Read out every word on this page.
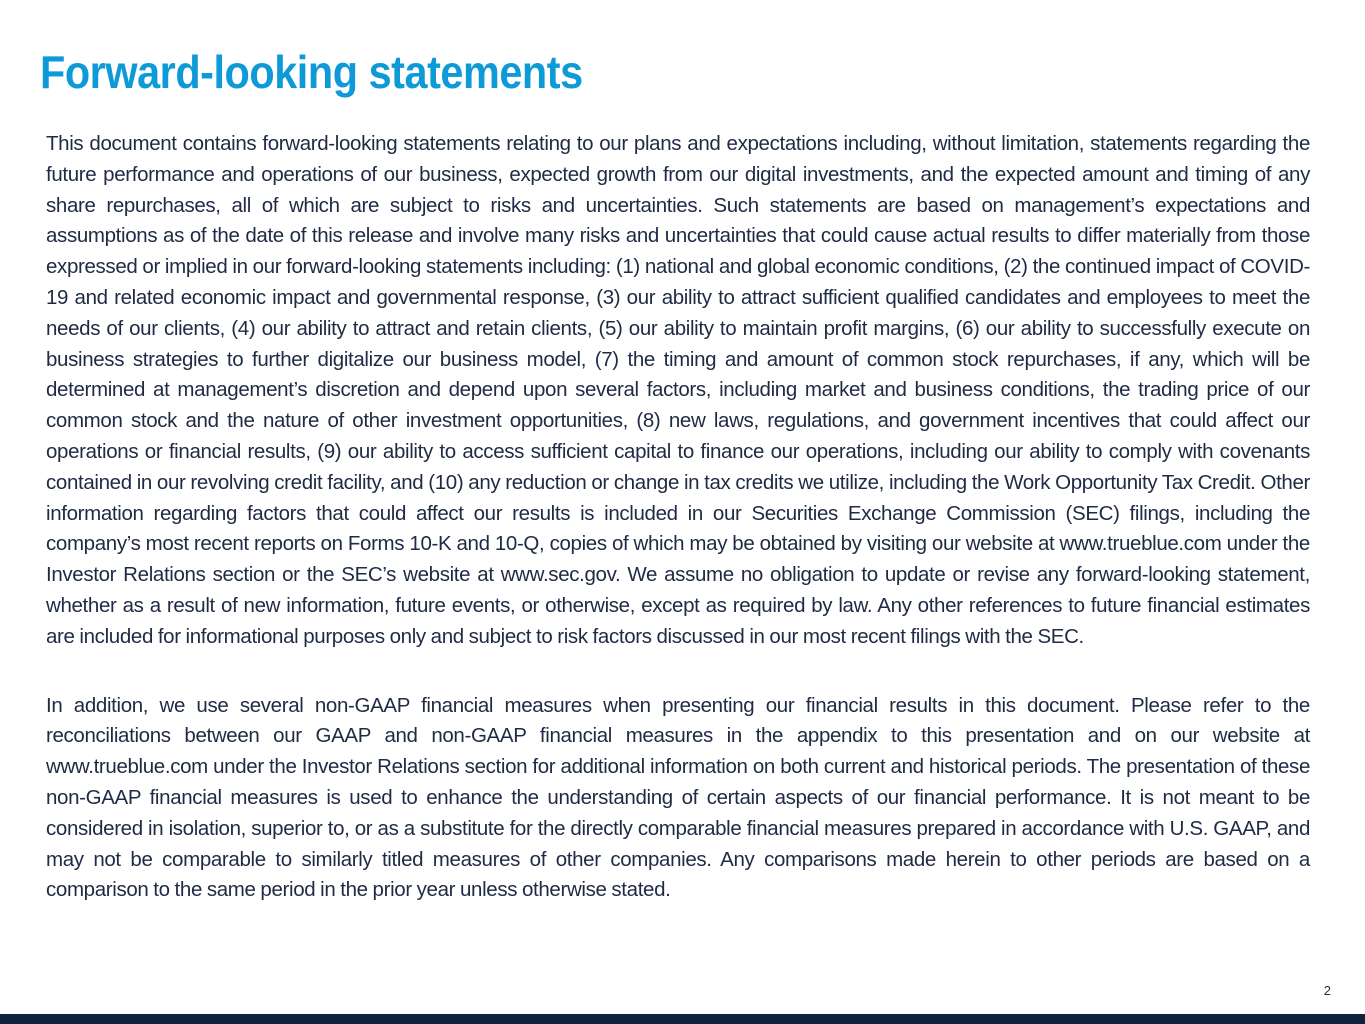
Forward-looking statements

This document contains forward-looking statements relating to our plans and expectations including, without limitation, statements regarding the future performance and operations of our business, expected growth from our digital investments, and the expected amount and timing of any share repurchases, all of which are subject to risks and uncertainties. Such statements are based on management’s expectations and assumptions as of the date of this release and involve many risks and uncertainties that could cause actual results to differ materially from those expressed or implied in our forward-looking statements including: (1) national and global economic conditions, (2) the continued impact of COVID-19 and related economic impact and governmental response, (3) our ability to attract sufficient qualified candidates and employees to meet the needs of our clients, (4) our ability to attract and retain clients, (5) our ability to maintain profit margins, (6) our ability to successfully execute on business strategies to further digitalize our business model, (7) the timing and amount of common stock repurchases, if any, which will be determined at management’s discretion and depend upon several factors, including market and business conditions, the trading price of our common stock and the nature of other investment opportunities, (8) new laws, regulations, and government incentives that could affect our operations or financial results, (9) our ability to access sufficient capital to finance our operations, including our ability to comply with covenants contained in our revolving credit facility, and (10) any reduction or change in tax credits we utilize, including the Work Opportunity Tax Credit. Other information regarding factors that could affect our results is included in our Securities Exchange Commission (SEC) filings, including the company’s most recent reports on Forms 10-K and 10-Q, copies of which may be obtained by visiting our website at www.trueblue.com under the Investor Relations section or the SEC’s website at www.sec.gov. We assume no obligation to update or revise any forward-looking statement, whether as a result of new information, future events, or otherwise, except as required by law. Any other references to future financial estimates are included for informational purposes only and subject to risk factors discussed in our most recent filings with the SEC.

In addition, we use several non-GAAP financial measures when presenting our financial results in this document. Please refer to the reconciliations between our GAAP and non-GAAP financial measures in the appendix to this presentation and on our website at www.trueblue.com under the Investor Relations section for additional information on both current and historical periods. The presentation of these non-GAAP financial measures is used to enhance the understanding of certain aspects of our financial performance. It is not meant to be considered in isolation, superior to, or as a substitute for the directly comparable financial measures prepared in accordance with U.S. GAAP, and may not be comparable to similarly titled measures of other companies. Any comparisons made herein to other periods are based on a comparison to the same period in the prior year unless otherwise stated.

2
